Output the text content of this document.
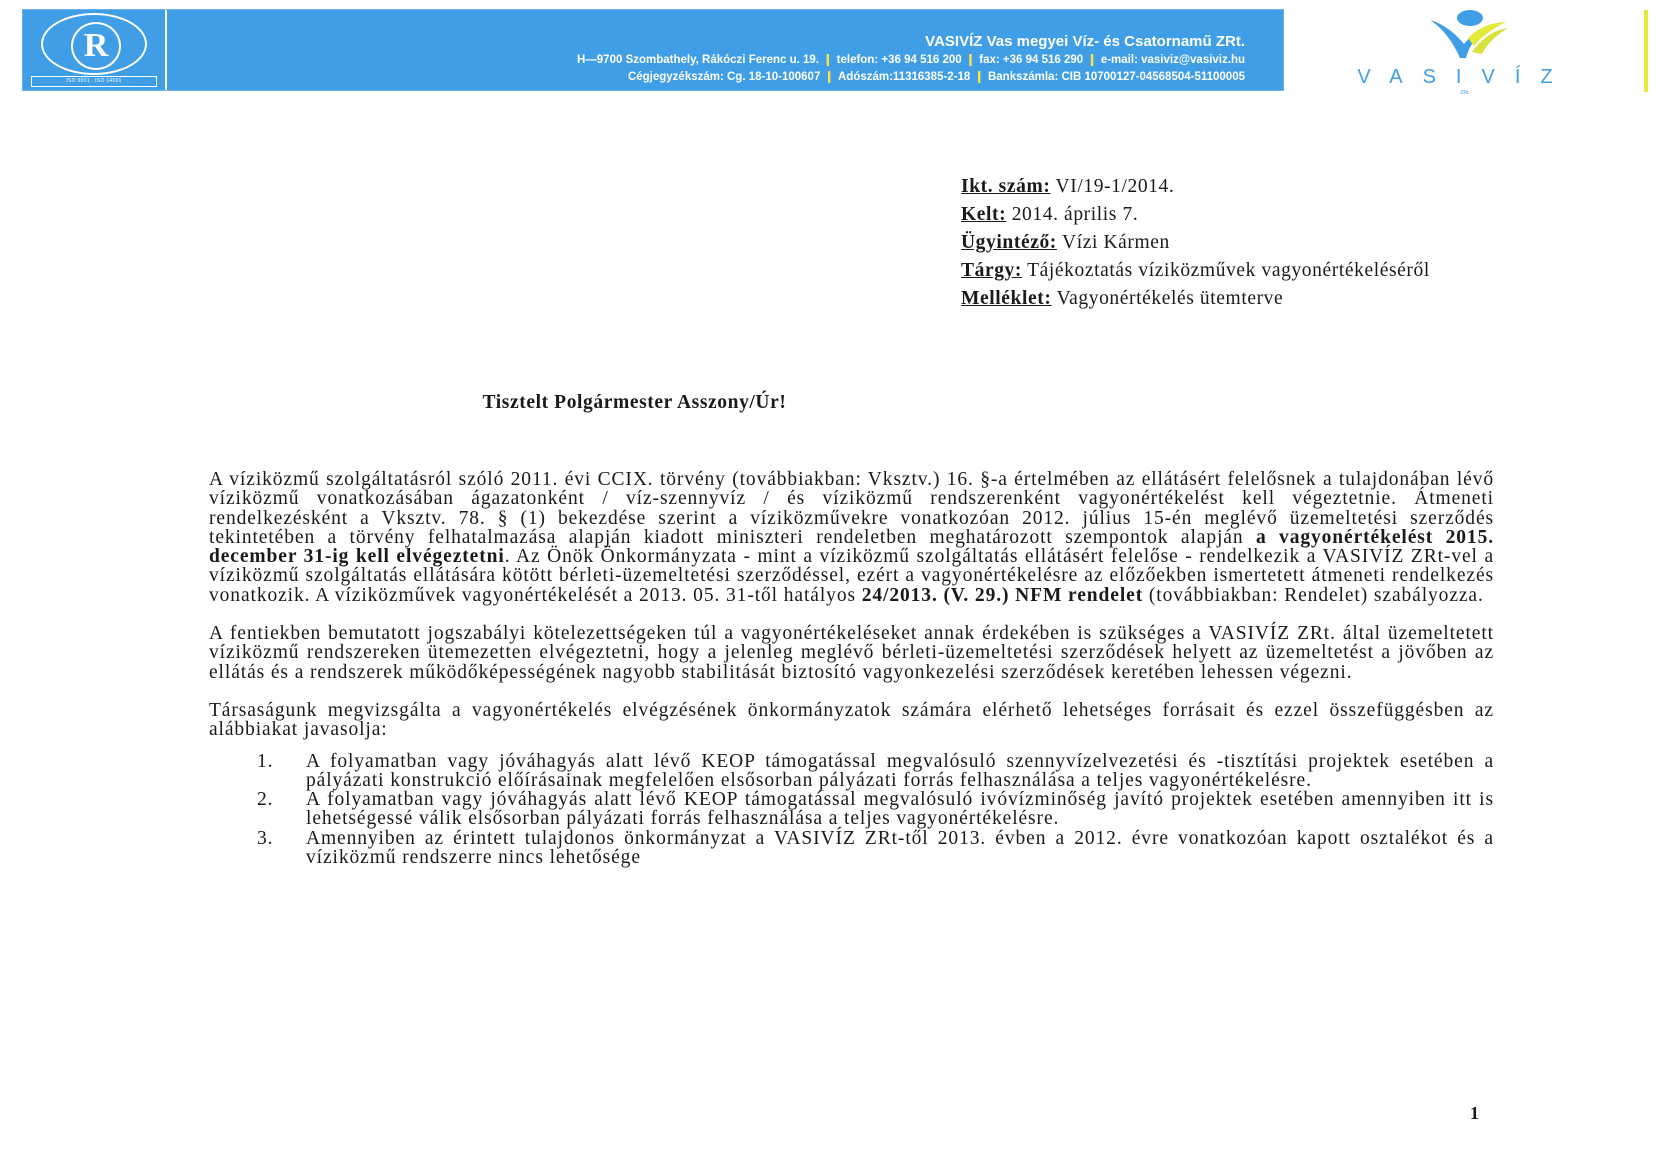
R
ISO 9001 · ISO 14001
VASIVÍZ Vas megyei Víz- és Csatornamű ZRt.
H—9700 Szombathely, Rákóczi Ferenc u. 19. ❙ telefon: +36 94 516 200 ❙ fax: +36 94 516 290 ❙ e-mail: vasiviz@vasiviz.hu
Cégjegyzékszám: Cg. 18-10-100607 ❙ Adószám:11316385-2-18 ❙ Bankszámla: CIB 10700127-04568504-51100005	VASIVÍZ
ZRt.
Ikt. szám: VI/19-1/2014.
Kelt: 2014. április 7.
Ügyintéző: Vízi Kármen
Tárgy: Tájékoztatás víziközművek vagyonértékeléséről
Melléklet: Vagyonértékelés ütemterve
Tisztelt Polgármester Asszony/Úr!
A víziközmű szolgáltatásról szóló 2011. évi CCIX. törvény (továbbiakban: Vksztv.) 16. §-a értelmében az ellátásért felelősnek a tulajdonában lévő víziközmű vonatkozásában ágazatonként / víz-szennyvíz / és víziközmű rendszerenként vagyonértékelést kell végeztetnie. Átmeneti rendelkezésként a Vksztv. 78. § (1) bekezdése szerint a víziközművekre vonatkozóan 2012. július 15-én meglévő üzemeltetési szerződés tekintetében a törvény felhatalmazása alapján kiadott miniszteri rendeletben meghatározott szempontok alapján a vagyonértékelést 2015. december 31-ig kell elvégeztetni. Az Önök Önkormányzata - mint a víziközmű szolgáltatás ellátásért felelőse - rendelkezik a VASIVÍZ ZRt-vel a víziközmű szolgáltatás ellátására kötött bérleti-üzemeltetési szerződéssel, ezért a vagyonértékelésre az előzőekben ismertetett átmeneti rendelkezés vonatkozik. A víziközművek vagyonértékelését a 2013. 05. 31-től hatályos 24/2013. (V. 29.) NFM rendelet (továbbiakban: Rendelet) szabályozza.
A fentiekben bemutatott jogszabályi kötelezettségeken túl a vagyonértékeléseket annak érdekében is szükséges a VASIVÍZ ZRt. által üzemeltetett víziközmű rendszereken ütemezetten elvégeztetni, hogy a jelenleg meglévő bérleti-üzemeltetési szerződések helyett az üzemeltetést a jövőben az ellátás és a rendszerek működőképességének nagyobb stabilitását biztosító vagyonkezelési szerződések keretében lehessen végezni.
Társaságunk megvizsgálta a vagyonértékelés elvégzésének önkormányzatok számára elérhető lehetséges forrásait és ezzel összefüggésben az alábbiakat javasolja:
1. A folyamatban vagy jóváhagyás alatt lévő KEOP támogatással megvalósuló szennyvízelvezetési és -tisztítási projektek esetében a pályázati konstrukció előírásainak megfelelően elsősorban pályázati forrás felhasználása a teljes vagyonértékelésre.
2. A folyamatban vagy jóváhagyás alatt lévő KEOP támogatással megvalósuló ivóvízminőség javító projektek esetében amennyiben itt is lehetségessé válik elsősorban pályázati forrás felhasználása a teljes vagyonértékelésre.
3. Amennyiben az érintett tulajdonos önkormányzat a VASIVÍZ ZRt-től 2013. évben a 2012. évre vonatkozóan kapott osztalékot és a víziközmű rendszerre nincs lehetősége
1
